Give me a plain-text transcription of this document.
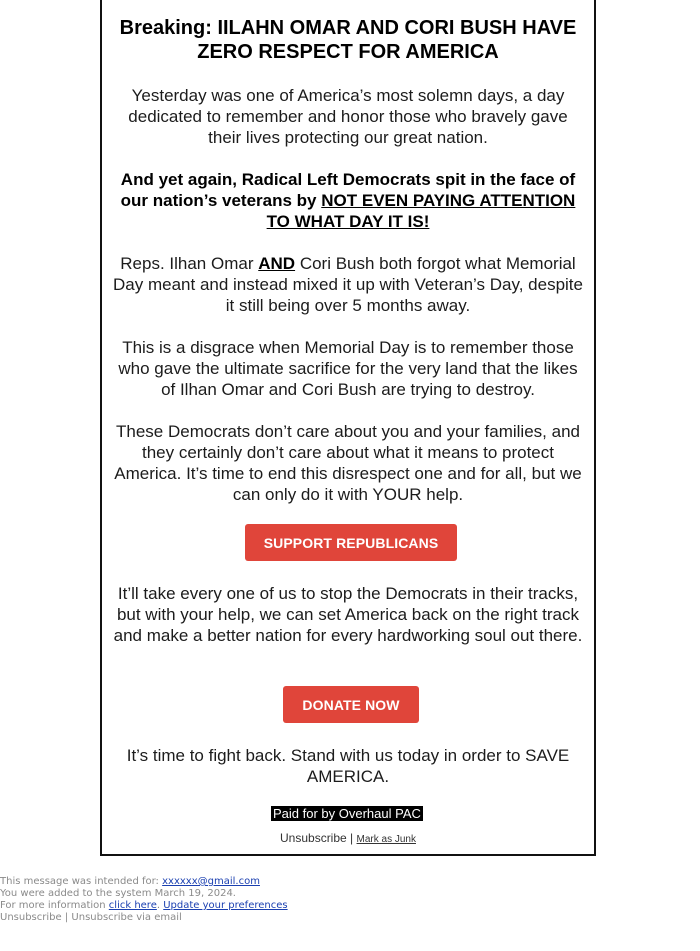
Breaking: IILAHN OMAR AND CORI BUSH HAVE ZERO RESPECT FOR AMERICA
Yesterday was one of America’s most solemn days, a day dedicated to remember and honor those who bravely gave their lives protecting our great nation.
And yet again, Radical Left Democrats spit in the face of our nation’s veterans by NOT EVEN PAYING ATTENTION TO WHAT DAY IT IS!
Reps. Ilhan Omar AND Cori Bush both forgot what Memorial Day meant and instead mixed it up with Veteran’s Day, despite it still being over 5 months away.
This is a disgrace when Memorial Day is to remember those who gave the ultimate sacrifice for the very land that the likes of Ilhan Omar and Cori Bush are trying to destroy.
These Democrats don’t care about you and your families, and they certainly don’t care about what it means to protect America. It’s time to end this disrespect one and for all, but we can only do it with YOUR help.
SUPPORT REPUBLICANS
It’ll take every one of us to stop the Democrats in their tracks, but with your help, we can set America back on the right track and make a better nation for every hardworking soul out there.
DONATE NOW
It’s time to fight back. Stand with us today in order to SAVE AMERICA.
Paid for by Overhaul PAC
Unsubscribe | Mark as Junk
This message was intended for: xxxxxx@gmail.com
You were added to the system March 19, 2024.
For more information click here. Update your preferences
Unsubscribe | Unsubscribe via email
